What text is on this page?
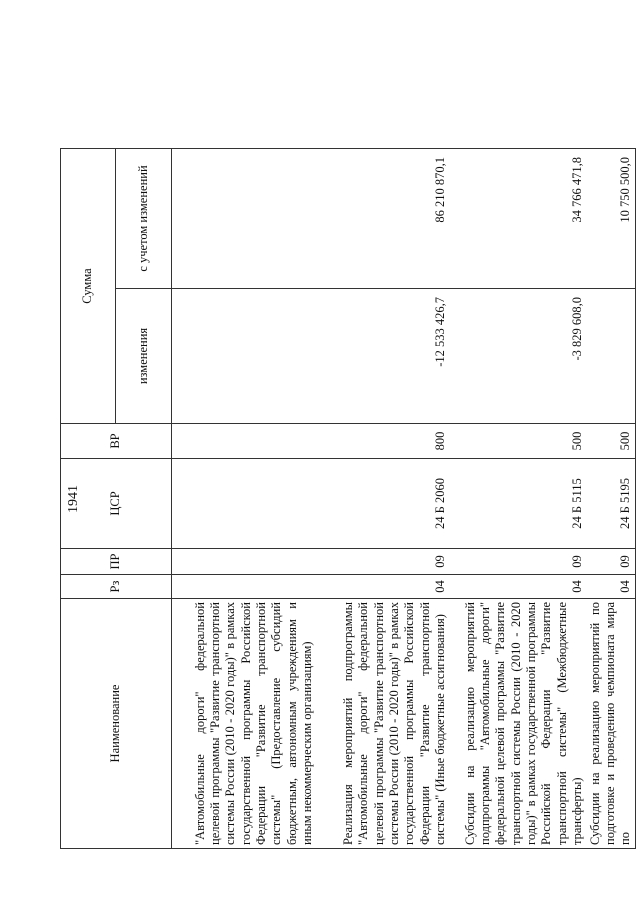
1941
Наименование	Рз	ПР	ЦСР	ВР	Сумма	
					изменения	с учетом изменений
"Автомобильные дороги" федеральной целевой программы "Развитие транспортной системы России (2010 - 2020 годы)" в рамках государственной программы Российской Федерации "Развитие транспортной системы" (Предоставление субсидий бюджетным, автономным учреждениям и иным некоммерческим организациям)						
Реализация мероприятий подпрограммы "Автомобильные дороги" федеральной целевой программы "Развитие транспортной системы России (2010 - 2020 годы)" в рамках государственной программы Российской Федерации "Развитие транспортной системы" (Иные бюджетные ассигнования)	04	09	24 Б 2060	800	-12 533 426,7	86 210 870,1
Субсидии на реализацию мероприятий подпрограммы "Автомобильные дороги" федеральной целевой программы "Развитие транспортной системы России (2010 - 2020 годы)" в рамках государственной программы Российской Федерации "Развитие транспортной системы" (Межбюджетные трансферты)	04	09	24 Б 5115	500	-3 829 608,0	34 766 471,8
Субсидии на реализацию мероприятий по подготовке и проведению чемпионата мира по	04	09	24 Б 5195	500		10 750 500,0
